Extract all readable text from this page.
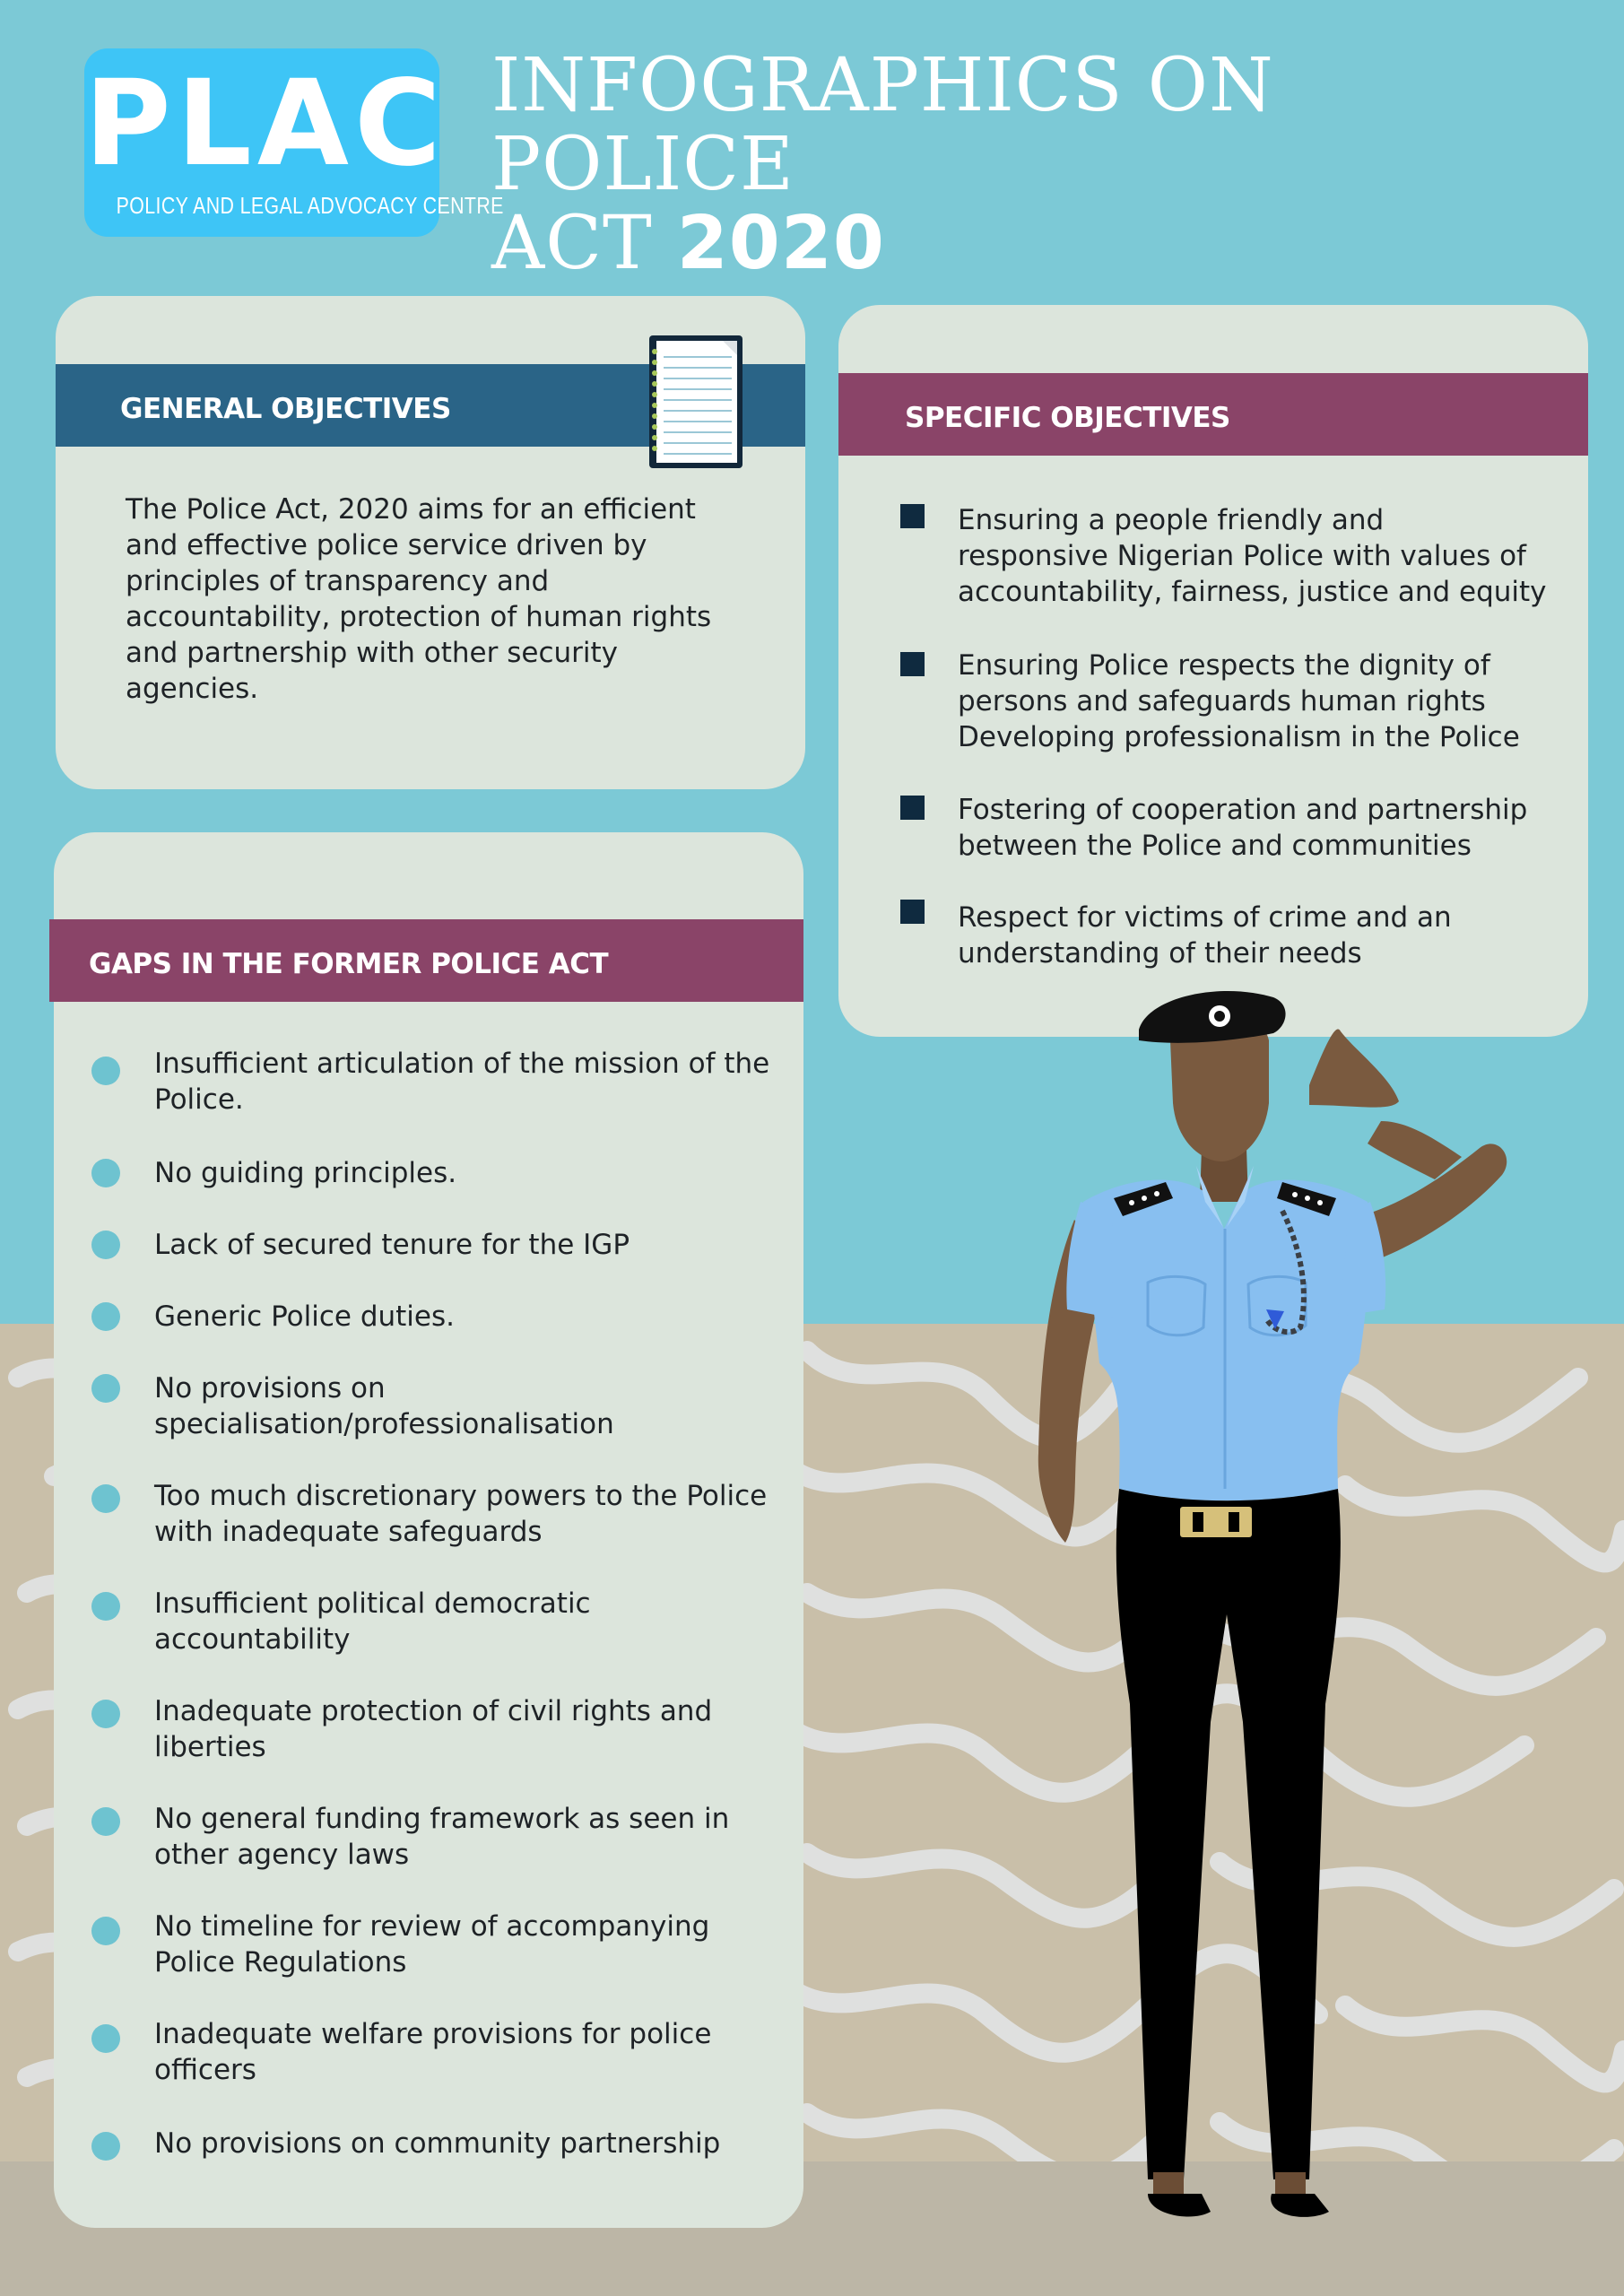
PLAC
POLICY AND LEGAL ADVOCACY CENTRE
INFOGRAPHICS ON POLICE
ACT 2020
GENERAL OBJECTIVES
The Police Act, 2020 aims for an efficient
and effective police service driven by
principles of transparency and
accountability, protection of human rights
and partnership with other security
agencies.
SPECIFIC OBJECTIVES
Ensuring a people friendly and
responsive Nigerian Police with values of
accountability, fairness, justice and equity
Ensuring Police respects the dignity of
persons and safeguards human rights
Developing professionalism in the Police
Fostering of cooperation and partnership
between the Police and communities
Respect for victims of crime and an
understanding of their needs
GAPS IN THE FORMER POLICE ACT
Insufficient articulation of the mission of the
Police.
No guiding principles.
Lack of secured tenure for the IGP
Generic Police duties.
No provisions on
specialisation/professionalisation
Too much discretionary powers to the Police
with inadequate safeguards
Insufficient political democratic
accountability
Inadequate protection of civil rights and
liberties
No general funding framework as seen in
other agency laws
No timeline for review of accompanying
Police Regulations
Inadequate welfare provisions for police
officers
No provisions on community partnership
